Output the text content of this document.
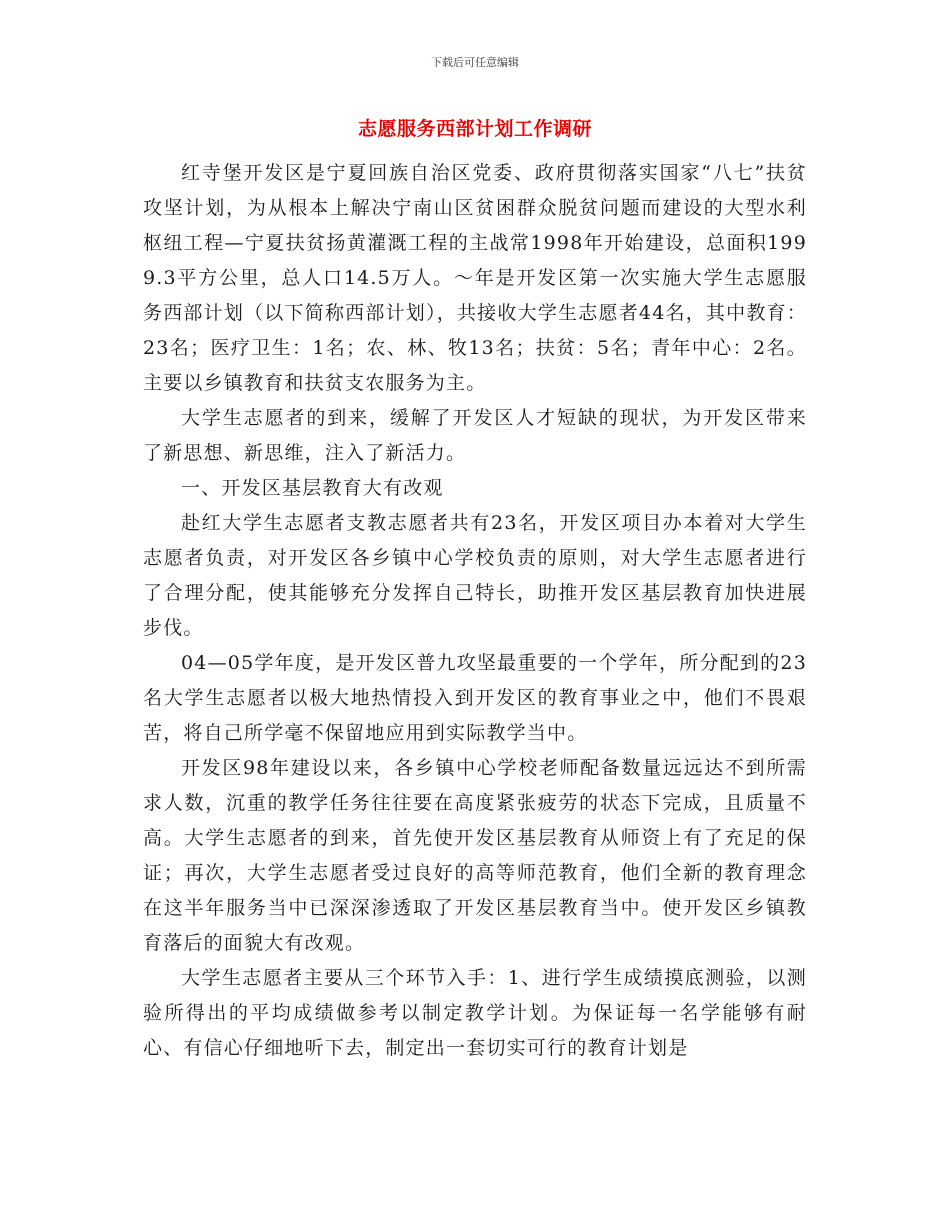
下载后可任意编辑
志愿服务西部计划工作调研

红寺堡开发区是宁夏回族自治区党委、政府贯彻落实国家“八七”扶贫攻坚计划，为从根本上解决宁南山区贫困群众脱贫问题而建设的大型水利枢纽工程—宁夏扶贫扬黄灌溉工程的主战常1998年开始建设，总面积1999.3平方公里，总人口14.5万人。～年是开发区第一次实施大学生志愿服务西部计划（以下简称西部计划），共接收大学生志愿者44名，其中教育：23名；医疗卫生：1名；农、林、牧13名；扶贫：5名；青年中心：2名。主要以乡镇教育和扶贫支农服务为主。

大学生志愿者的到来，缓解了开发区人才短缺的现状，为开发区带来了新思想、新思维，注入了新活力。

一、开发区基层教育大有改观

赴红大学生志愿者支教志愿者共有23名，开发区项目办本着对大学生志愿者负责，对开发区各乡镇中心学校负责的原则，对大学生志愿者进行了合理分配，使其能够充分发挥自己特长，助推开发区基层教育加快进展步伐。

04—05学年度，是开发区普九攻坚最重要的一个学年，所分配到的23名大学生志愿者以极大地热情投入到开发区的教育事业之中，他们不畏艰苦，将自己所学毫不保留地应用到实际教学当中。

开发区98年建设以来，各乡镇中心学校老师配备数量远远达不到所需求人数，沉重的教学任务往往要在高度紧张疲劳的状态下完成，且质量不高。大学生志愿者的到来，首先使开发区基层教育从师资上有了充足的保证；再次，大学生志愿者受过良好的高等师范教育，他们全新的教育理念在这半年服务当中已深深渗透取了开发区基层教育当中。使开发区乡镇教育落后的面貌大有改观。

大学生志愿者主要从三个环节入手：1、进行学生成绩摸底测验，以测验所得出的平均成绩做参考以制定教学计划。为保证每一名学能够有耐心、有信心仔细地听下去，制定出一套切实可行的教育计划是
